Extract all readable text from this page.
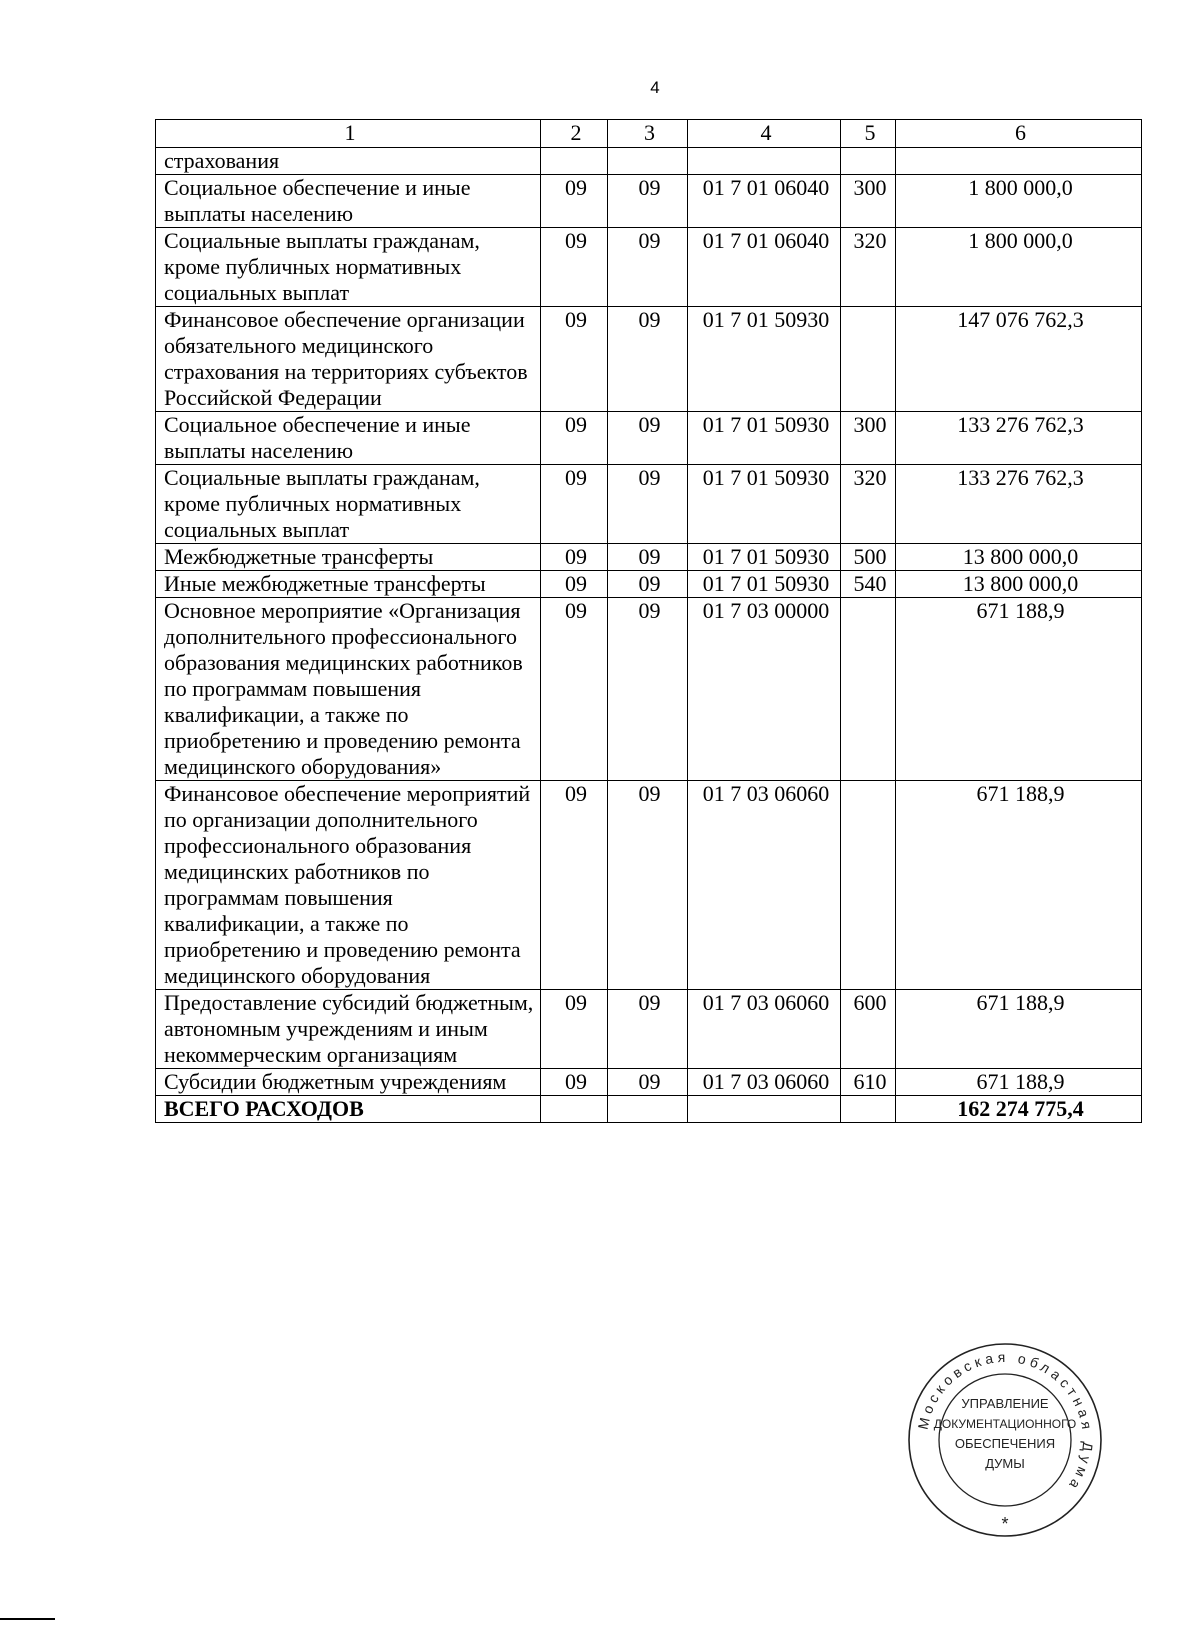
4
1	2	3	4	5	6
страхования					
Социальное обеспечение и иные выплаты населению	09	09	01 7 01 06040	300	1 800 000,0
Социальные выплаты гражданам, кроме публичных нормативных социальных выплат	09	09	01 7 01 06040	320	1 800 000,0
Финансовое обеспечение организации обязательного медицинского страхования на территориях субъектов Российской Федерации	09	09	01 7 01 50930		147 076 762,3
Социальное обеспечение и иные выплаты населению	09	09	01 7 01 50930	300	133 276 762,3
Социальные выплаты гражданам, кроме публичных нормативных социальных выплат	09	09	01 7 01 50930	320	133 276 762,3
Межбюджетные трансферты	09	09	01 7 01 50930	500	13 800 000,0
Иные межбюджетные трансферты	09	09	01 7 01 50930	540	13 800 000,0
Основное мероприятие «Организация дополнительного профессионального образования медицинских работников по программам повышения квалификации, а также по приобретению и проведению ремонта медицинского оборудования»	09	09	01 7 03 00000		671 188,9
Финансовое обеспечение мероприятий по организации дополнительного профессионального образования медицинских работников по программам повышения квалификации, а также по приобретению и проведению ремонта медицинского оборудования	09	09	01 7 03 06060		671 188,9
Предоставление субсидий бюджетным, автономным учреждениям и иным некоммерческим организациям	09	09	01 7 03 06060	600	671 188,9
Субсидии бюджетным учреждениям	09	09	01 7 03 06060	610	671 188,9
ВСЕГО РАСХОДОВ					162 274 775,4
Московская областная Дума
УПРАВЛЕНИЕ
ДОКУМЕНТАЦИОННОГО
ОБЕСПЕЧЕНИЯ
ДУМЫ
*
